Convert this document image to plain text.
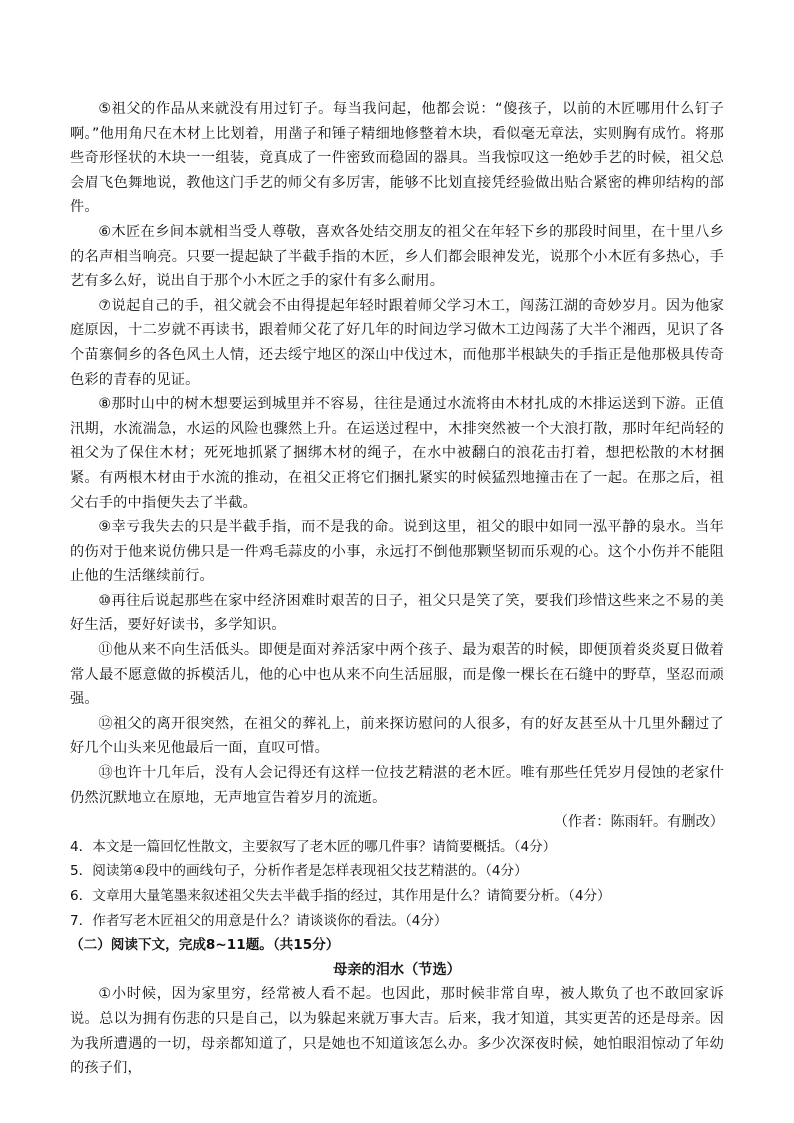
⑤祖父的作品从来就没有用过钉子。每当我问起，他都会说：“傻孩子，以前的木匠哪用什么钉子啊。”他用角尺在木材上比划着，用凿子和锤子精细地修整着木块，看似毫无章法，实则胸有成竹。将那些奇形怪状的木块一一组装，竟真成了一件密致而稳固的器具。当我惊叹这一绝妙手艺的时候，祖父总会眉飞色舞地说，教他这门手艺的师父有多厉害，能够不比划直接凭经验做出贴合紧密的榫卯结构的部件。

⑥木匠在乡间本就相当受人尊敬，喜欢各处结交朋友的祖父在年轻下乡的那段时间里，在十里八乡的名声相当响亮。只要一提起缺了半截手指的木匠，乡人们都会眼神发光，说那个小木匠有多热心，手艺有多么好，说出自于那个小木匠之手的家什有多么耐用。

⑦说起自己的手，祖父就会不由得提起年轻时跟着师父学习木工，闯荡江湖的奇妙岁月。因为他家庭原因，十二岁就不再读书，跟着师父花了好几年的时间边学习做木工边闯荡了大半个湘西，见识了各个苗寨侗乡的各色风土人情，还去绥宁地区的深山中伐过木，而他那半根缺失的手指正是他那极具传奇色彩的青春的见证。

⑧那时山中的树木想要运到城里并不容易，往往是通过水流将由木材扎成的木排运送到下游。正值汛期，水流湍急，水运的风险也骤然上升。在运送过程中，木排突然被一个大浪打散，那时年纪尚轻的祖父为了保住木材；死死地抓紧了捆绑木材的绳子，在水中被翻白的浪花击打着，想把松散的木材捆紧。有两根木材由于水流的推动，在祖父正将它们捆扎紧实的时候猛烈地撞击在了一起。在那之后，祖父右手的中指便失去了半截。

⑨幸亏我失去的只是半截手指，而不是我的命。说到这里，祖父的眼中如同一泓平静的泉水。当年的伤对于他来说仿佛只是一件鸡毛蒜皮的小事，永远打不倒他那颗坚韧而乐观的心。这个小伤并不能阻止他的生活继续前行。

⑩再往后说起那些在家中经济困难时艰苦的日子，祖父只是笑了笑，要我们珍惜这些来之不易的美好生活，要好好读书，多学知识。

⑪他从来不向生活低头。即便是面对养活家中两个孩子、最为艰苦的时候，即便顶着炎炎夏日做着常人最不愿意做的拆模活儿，他的心中也从来不向生活屈服，而是像一棵长在石缝中的野草，坚忍而顽强。

⑫祖父的离开很突然，在祖父的葬礼上，前来探访慰问的人很多，有的好友甚至从十几里外翻过了好几个山头来见他最后一面，直叹可惜。

⑬也许十几年后，没有人会记得还有这样一位技艺精湛的老木匠。唯有那些任凭岁月侵蚀的老家什仍然沉默地立在原地，无声地宣告着岁月的流逝。

（作者：陈雨轩。有删改）

4．本文是一篇回忆性散文，主要叙写了老木匠的哪几件事？请简要概括。（4分）

5．阅读第④段中的画线句子，分析作者是怎样表现祖父技艺精湛的。（4分）

6．文章用大量笔墨来叙述祖父失去半截手指的经过，其作用是什么？请简要分析。（4分）

7．作者写老木匠祖父的用意是什么？请谈谈你的看法。（4分）

（二）阅读下文，完成8~11题。（共15分）

母亲的泪水（节选）

①小时候，因为家里穷，经常被人看不起。也因此，那时候非常自卑，被人欺负了也不敢回家诉说。总以为拥有伤悲的只是自己，以为躲起来就万事大吉。后来，我才知道，其实更苦的还是母亲。因为我所遭遇的一切，母亲都知道了，只是她也不知道该怎么办。多少次深夜时候，她怕眼泪惊动了年幼的孩子们，
